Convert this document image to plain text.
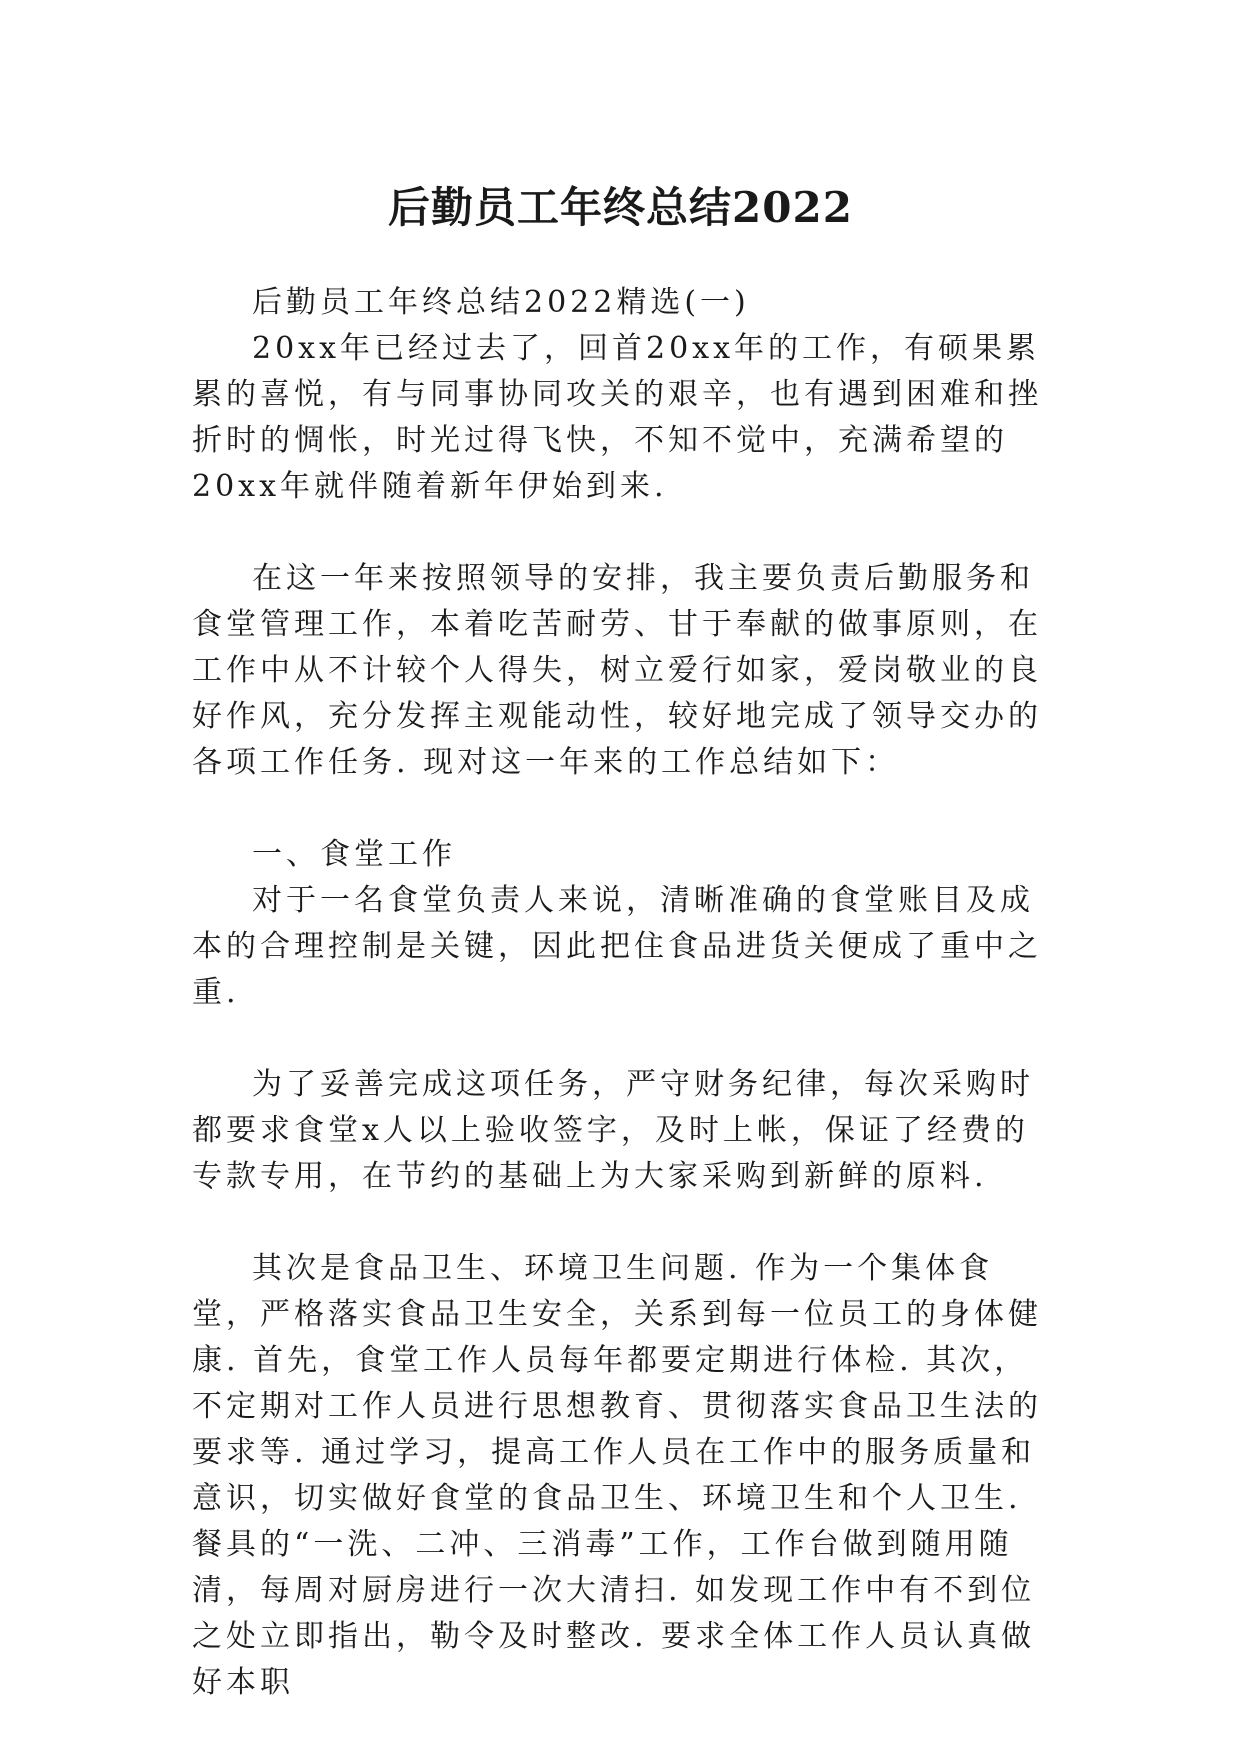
后勤员工年终总结2022

后勤员工年终总结2022精选(一)

20xx年已经过去了，回首20xx年的工作，有硕果累累的喜悦，有与同事协同攻关的艰辛，也有遇到困难和挫折时的惆怅，时光过得飞快，不知不觉中，充满希望的20xx年就伴随着新年伊始到来.

在这一年来按照领导的安排，我主要负责后勤服务和食堂管理工作，本着吃苦耐劳、甘于奉献的做事原则，在工作中从不计较个人得失，树立爱行如家，爱岗敬业的良好作风，充分发挥主观能动性，较好地完成了领导交办的各项工作任务. 现对这一年来的工作总结如下：

一、食堂工作

对于一名食堂负责人来说，清晰准确的食堂账目及成本的合理控制是关键，因此把住食品进货关便成了重中之重.

为了妥善完成这项任务，严守财务纪律，每次采购时都要求食堂x人以上验收签字，及时上帐，保证了经费的专款专用，在节约的基础上为大家采购到新鲜的原料.

其次是食品卫生、环境卫生问题. 作为一个集体食堂，严格落实食品卫生安全，关系到每一位员工的身体健康. 首先，食堂工作人员每年都要定期进行体检. 其次，不定期对工作人员进行思想教育、贯彻落实食品卫生法的要求等. 通过学习，提高工作人员在工作中的服务质量和意识，切实做好食堂的食品卫生、环境卫生和个人卫生. 餐具的“一洗、二冲、三消毒”工作，工作台做到随用随清，每周对厨房进行一次大清扫. 如发现工作中有不到位之处立即指出，勒令及时整改. 要求全体工作人员认真做好本职
